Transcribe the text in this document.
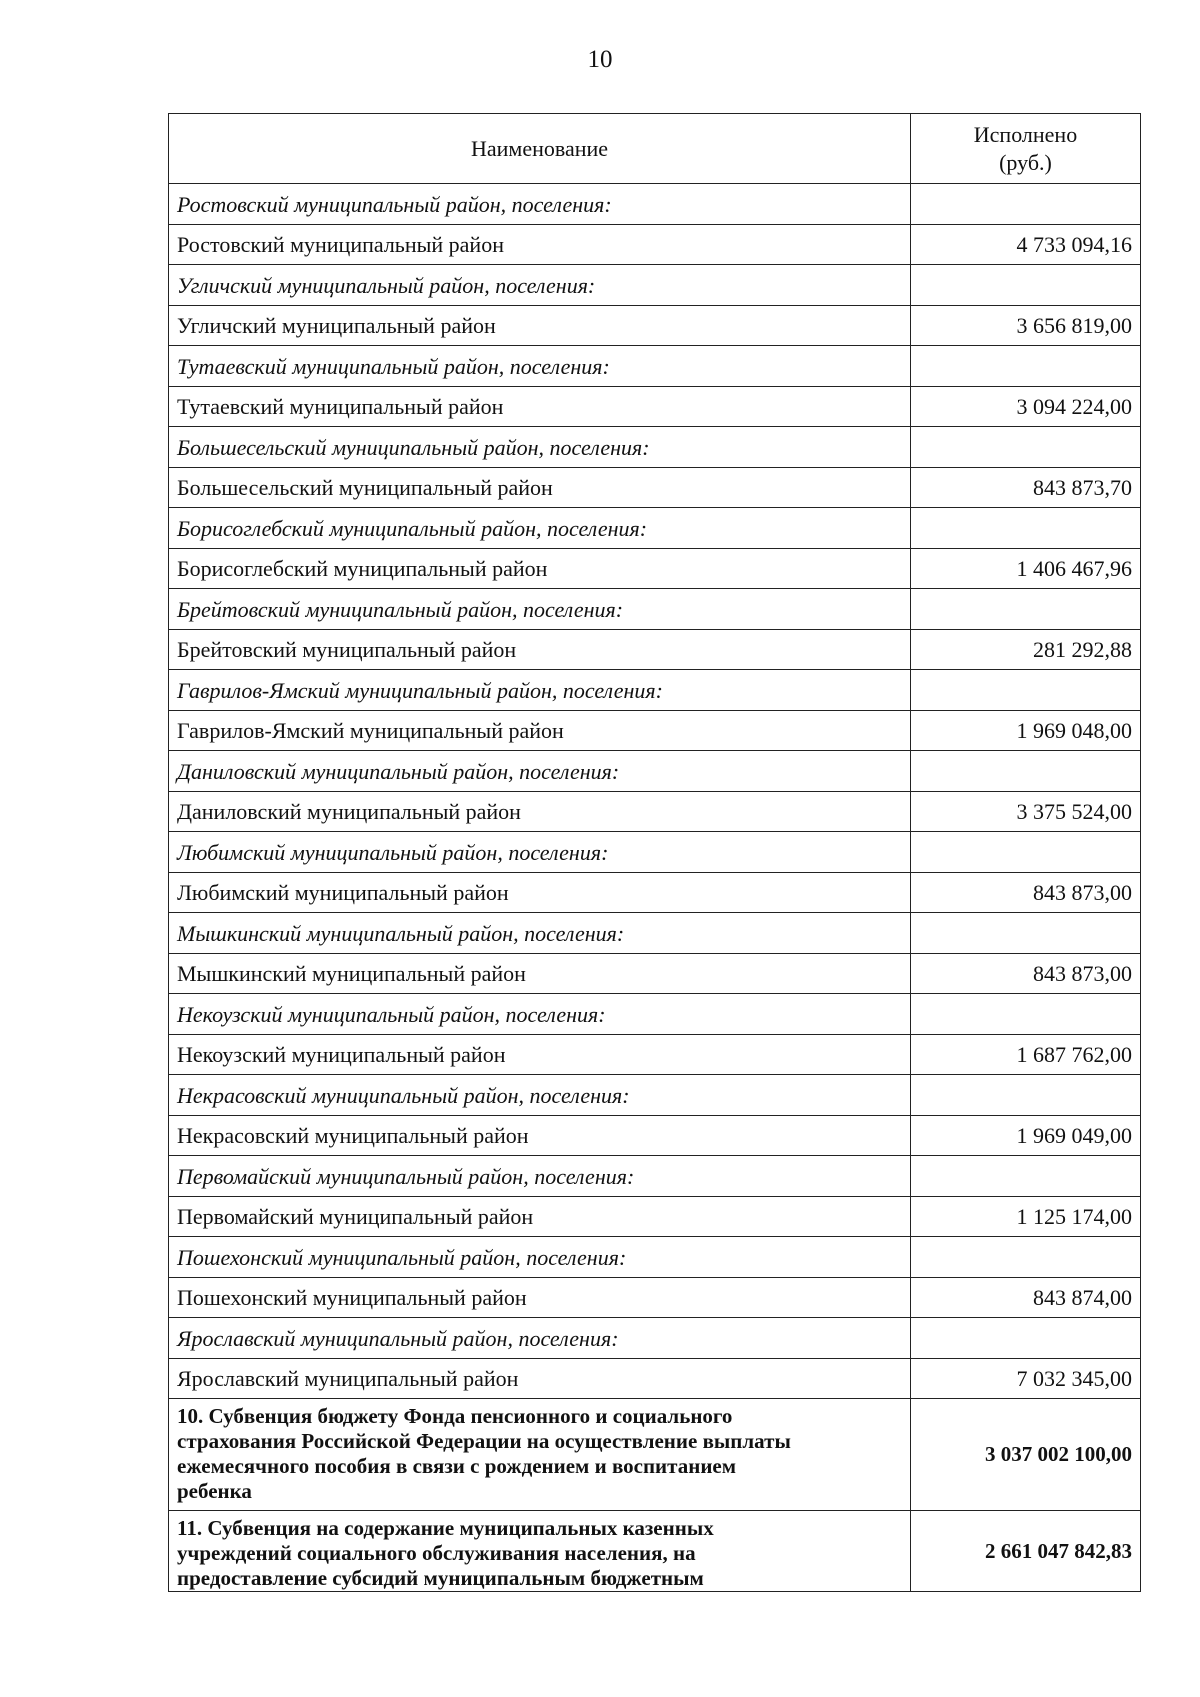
10
Наименование	Исполнено
(руб.)
Ростовский муниципальный район, поселения:	
Ростовский муниципальный район	4 733 094,16
Угличский муниципальный район, поселения:	
Угличский муниципальный район	3 656 819,00
Тутаевский муниципальный район, поселения:	
Тутаевский муниципальный район	3 094 224,00
Большесельский муниципальный район, поселения:	
Большесельский муниципальный район	843 873,70
Борисоглебский муниципальный район, поселения:	
Борисоглебский муниципальный район	1 406 467,96
Брейтовский муниципальный район, поселения:	
Брейтовский муниципальный район	281 292,88
Гаврилов-Ямский муниципальный район, поселения:	
Гаврилов-Ямский муниципальный район	1 969 048,00
Даниловский муниципальный район, поселения:	
Даниловский муниципальный район	3 375 524,00
Любимский муниципальный район, поселения:	
Любимский муниципальный район	843 873,00
Мышкинский муниципальный район, поселения:	
Мышкинский муниципальный район	843 873,00
Некоузский муниципальный район, поселения:	
Некоузский муниципальный район	1 687 762,00
Некрасовский муниципальный район, поселения:	
Некрасовский муниципальный район	1 969 049,00
Первомайский муниципальный район, поселения:	
Первомайский муниципальный район	1 125 174,00
Пошехонский муниципальный район, поселения:	
Пошехонский муниципальный район	843 874,00
Ярославский муниципальный район, поселения:	
Ярославский муниципальный район	7 032 345,00
10. Субвенция бюджету Фонда пенсионного и социального
страхования Российской Федерации на осуществление выплаты
ежемесячного пособия в связи с рождением и воспитанием
ребенка	3 037 002 100,00
11. Субвенция на содержание муниципальных казенных
учреждений социального обслуживания населения, на
предоставление субсидий муниципальным бюджетным	2 661 047 842,83
